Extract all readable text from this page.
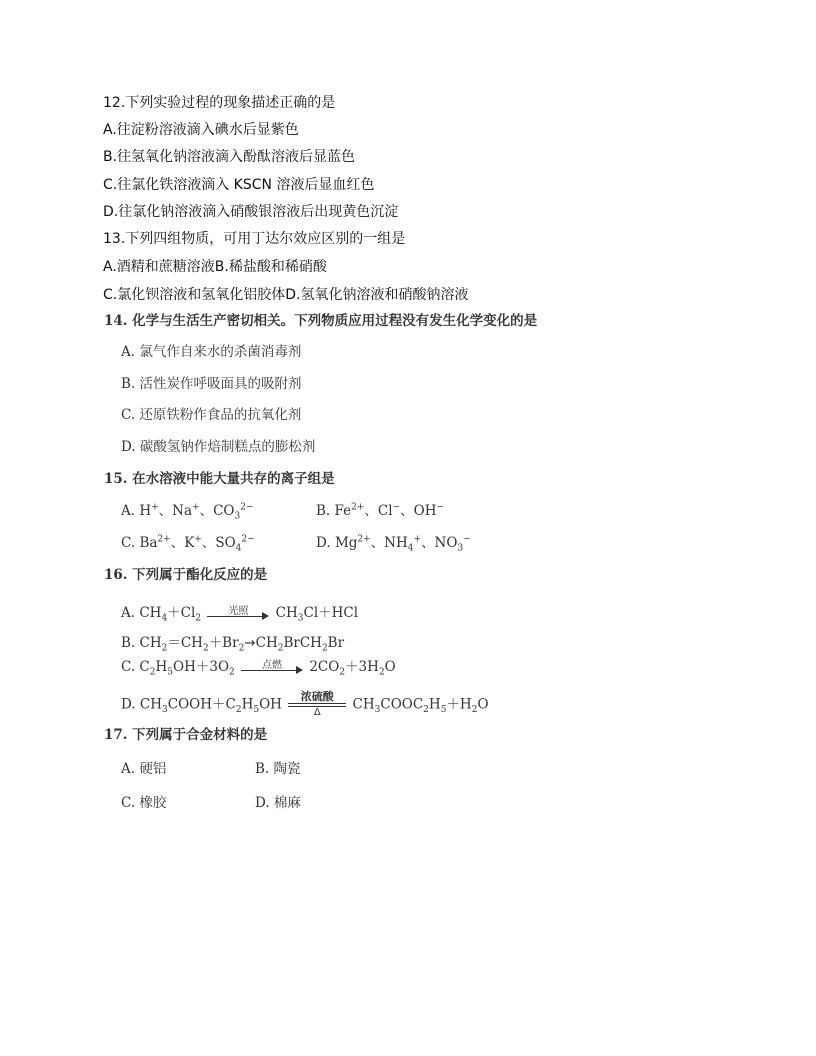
12.下列实验过程的现象描述正确的是
A.往淀粉溶液滴入碘水后显紫色
B.往氢氧化钠溶液滴入酚酞溶液后显蓝色
C.往氯化铁溶液滴入 KSCN 溶液后显血红色
D.往氯化钠溶液滴入硝酸银溶液后出现黄色沉淀
13.下列四组物质，可用丁达尔效应区别的一组是
A.酒精和蔗糖溶液B.稀盐酸和稀硝酸
C.氯化钡溶液和氢氧化铝胶体D.氢氧化钠溶液和硝酸钠溶液
14. 化学与生活生产密切相关。下列物质应用过程没有发生化学变化的是
A. 氯气作自来水的杀菌消毒剂
B. 活性炭作呼吸面具的吸附剂
C. 还原铁粉作食品的抗氧化剂
D. 碳酸氢钠作焙制糕点的膨松剂
15. 在水溶液中能大量共存的离子组是
A. H+、Na+、$CO_3^{2-}$	B. $Fe^{2+}$、Cl−、OH−
C. $Ba^{2+}$、K+、$SO_4^{2-}$	D. $Mg^{2+}$、$NH_4^+$、$NO_3^-$
16. 下列属于酯化反应的是
A. $CH_4+Cl_2$
光照	$CH_3Cl+HCl$
B. $CH_2=CH_2+Br_2\to CH_2BrCH_2Br$
C. $C_2H_5OH+3O_2$
点燃	$2CO_2+3H_2O$
D. $CH_3COOH+C_2H_5OH$	浓硫酸
Δ	$CH_3COOC_2H_5+H_2O$
17. 下列属于合金材料的是
A. 硬铝	B. 陶瓷
C. 橡胶	D. 棉麻
